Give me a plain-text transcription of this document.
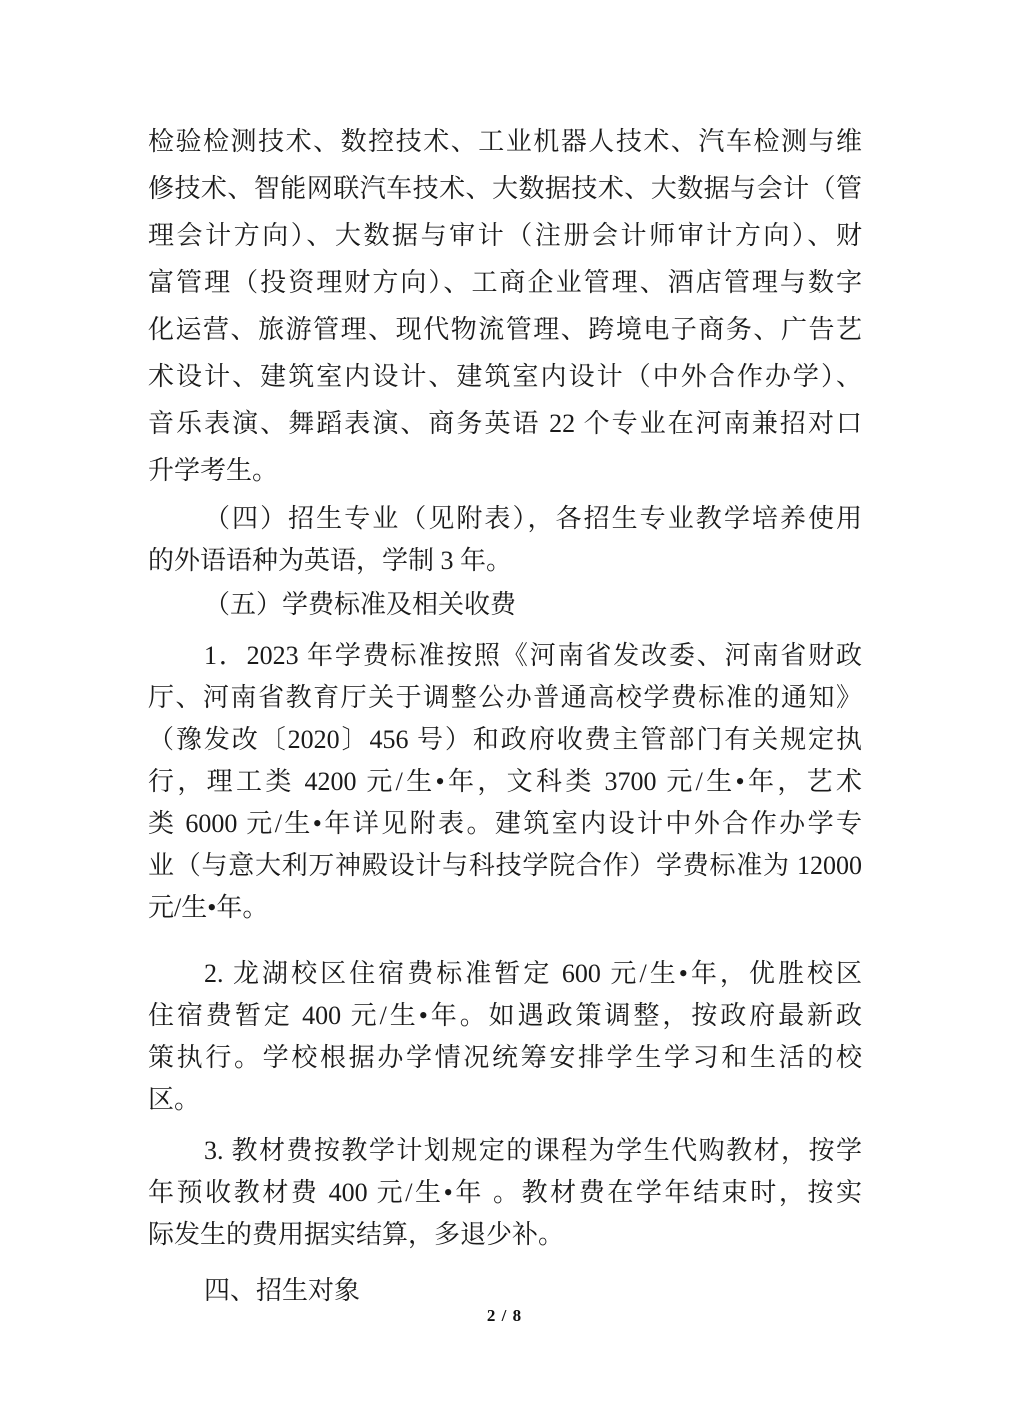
检验检测技术、数控技术、工业机器人技术、汽车检测与维
修技术、智能网联汽车技术、大数据技术、大数据与会计（管
理会计方向）、大数据与审计（注册会计师审计方向）、财
富管理（投资理财方向）、工商企业管理、酒店管理与数字
化运营、旅游管理、现代物流管理、跨境电子商务、广告艺
术设计、建筑室内设计、建筑室内设计（中外合作办学）、
音乐表演、舞蹈表演、商务英语 22 个专业在河南兼招对口
升学考生。
（四）招生专业（见附表），各招生专业教学培养使用
的外语语种为英语，学制 3 年。
（五）学费标准及相关收费
1．2023 年学费标准按照《河南省发改委、河南省财政
厅、河南省教育厅关于调整公办普通高校学费标准的通知》
（豫发改〔2020〕456 号）和政府收费主管部门有关规定执
行，理工类 4200 元/生•年，文科类 3700 元/生•年，艺术
类 6000 元/生•年详见附表。建筑室内设计中外合作办学专
业（与意大利万神殿设计与科技学院合作）学费标准为 12000
元/生•年。
2. 龙湖校区住宿费标准暂定 600 元/生•年，优胜校区
住宿费暂定 400 元/生•年。如遇政策调整，按政府最新政
策执行。学校根据办学情况统筹安排学生学习和生活的校
区。
3. 教材费按教学计划规定的课程为学生代购教材，按学
年预收教材费 400 元/生•年 。教材费在学年结束时，按实
际发生的费用据实结算，多退少补。
四、招生对象
2 / 8
